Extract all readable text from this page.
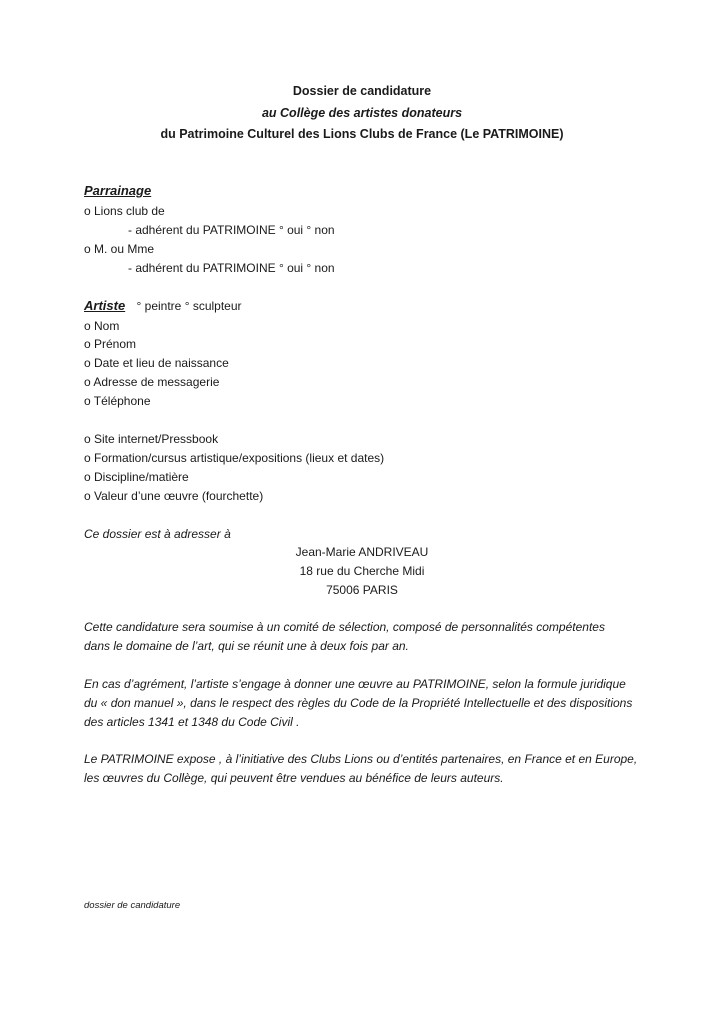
Dossier de candidature
au Collège des artistes donateurs
du Patrimoine Culturel des Lions Clubs de France (Le PATRIMOINE)
Parrainage
o Lions club de
- adhérent du PATRIMOINE ° oui ° non
o M. ou Mme
- adhérent du PATRIMOINE ° oui ° non
Artiste ° peintre ° sculpteur
o Nom
o Prénom
o Date et lieu de naissance
o Adresse de messagerie
o Téléphone
o Site internet/Pressbook
o Formation/cursus artistique/expositions (lieux et dates)
o Discipline/matière
o Valeur d’une œuvre (fourchette)
Ce dossier est à adresser à
Jean-Marie ANDRIVEAU
18 rue du Cherche Midi
75006 PARIS
Cette candidature sera soumise à un comité de sélection, composé de personnalités compétentes
dans le domaine de l’art, qui se réunit une à deux fois par an.
En cas d’agrément, l’artiste s’engage à donner une œuvre au PATRIMOINE, selon la formule juridique
du « don manuel », dans le respect des règles du Code de la Propriété Intellectuelle et des dispositions
des articles 1341 et 1348 du Code Civil .
Le PATRIMOINE expose , à l’initiative des Clubs Lions ou d’entités partenaires, en France et en Europe,
les œuvres du Collège, qui peuvent être vendues au bénéfice de leurs auteurs.
dossier de candidature
